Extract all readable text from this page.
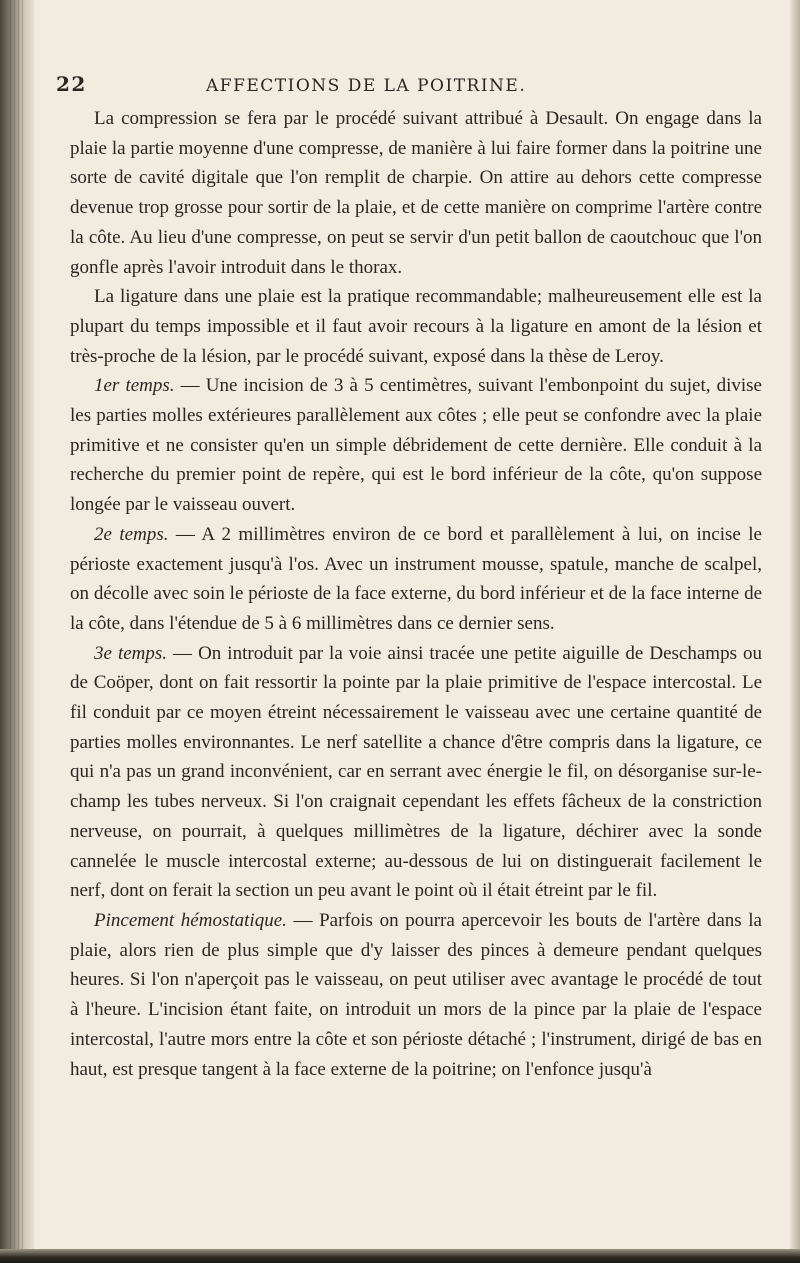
22	AFFECTIONS DE LA POITRINE.

La compression se fera par le procédé suivant attribué à Desault. On engage dans la plaie la partie moyenne d'une compresse, de manière à lui faire former dans la poitrine une sorte de cavité digitale que l'on remplit de charpie. On attire au dehors cette compresse devenue trop grosse pour sortir de la plaie, et de cette manière on comprime l'artère contre la côte. Au lieu d'une compresse, on peut se servir d'un petit ballon de caoutchouc que l'on gonfle après l'avoir introduit dans le thorax.

La ligature dans une plaie est la pratique recommandable; malheureusement elle est la plupart du temps impossible et il faut avoir recours à la ligature en amont de la lésion et très-proche de la lésion, par le procédé suivant, exposé dans la thèse de Leroy.

1er temps. — Une incision de 3 à 5 centimètres, suivant l'embonpoint du sujet, divise les parties molles extérieures parallèlement aux côtes ; elle peut se confondre avec la plaie primitive et ne consister qu'en un simple débridement de cette dernière. Elle conduit à la recherche du premier point de repère, qui est le bord inférieur de la côte, qu'on suppose longée par le vaisseau ouvert.

2e temps. — A 2 millimètres environ de ce bord et parallèlement à lui, on incise le périoste exactement jusqu'à l'os. Avec un instrument mousse, spatule, manche de scalpel, on décolle avec soin le périoste de la face externe, du bord inférieur et de la face interne de la côte, dans l'étendue de 5 à 6 millimètres dans ce dernier sens.

3e temps. — On introduit par la voie ainsi tracée une petite aiguille de Deschamps ou de Coöper, dont on fait ressortir la pointe par la plaie primitive de l'espace intercostal. Le fil conduit par ce moyen étreint nécessairement le vaisseau avec une certaine quantité de parties molles environnantes. Le nerf satellite a chance d'être compris dans la ligature, ce qui n'a pas un grand inconvénient, car en serrant avec énergie le fil, on désorganise sur-le-champ les tubes nerveux. Si l'on craignait cependant les effets fâcheux de la constriction nerveuse, on pourrait, à quelques millimètres de la ligature, déchirer avec la sonde cannelée le muscle intercostal externe; au-dessous de lui on distinguerait facilement le nerf, dont on ferait la section un peu avant le point où il était étreint par le fil.

Pincement hémostatique. — Parfois on pourra apercevoir les bouts de l'artère dans la plaie, alors rien de plus simple que d'y laisser des pinces à demeure pendant quelques heures. Si l'on n'aperçoit pas le vaisseau, on peut utiliser avec avantage le procédé de tout à l'heure. L'incision étant faite, on introduit un mors de la pince par la plaie de l'espace intercostal, l'autre mors entre la côte et son périoste détaché ; l'instrument, dirigé de bas en haut, est presque tangent à la face externe de la poitrine; on l'enfonce jusqu'à
